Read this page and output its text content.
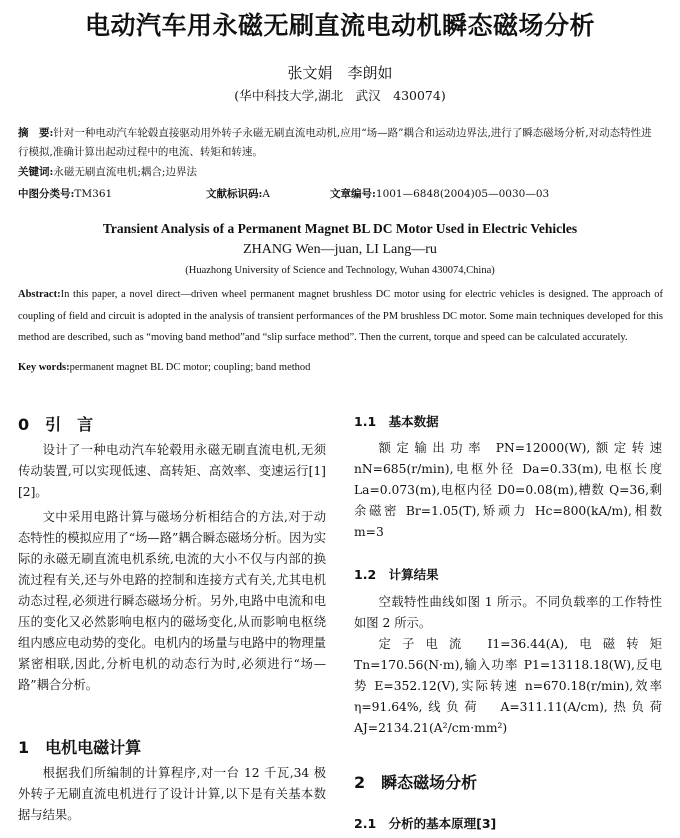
电动汽车用永磁无刷直流电动机瞬态磁场分析
张文娟　李朗如
(华中科技大学,湖北　武汉　430074)
摘　要:针对一种电动汽车轮毂直接驱动用外转子永磁无刷直流电动机,应用“场—路”耦合和运动边界法,进行了瞬态磁场分析,对动态特性进行模拟,准确计算出起动过程中的电流、转矩和转速。
关键词:永磁无刷直流电机;耦合;边界法
中图分类号:TM361	文献标识码:A	文章编号:1001—6848(2004)05—0030—03
Transient Analysis of a Permanent Magnet BL DC Motor Used in Electric Vehicles
ZHANG Wen—juan, LI Lang—ru
(Huazhong University of Science and Technology, Wuhan 430074,China)
Abstract:In this paper, a novel direct—driven wheel permanent magnet brushless DC motor using for electric vehicles is designed. The approach of coupling of field and circuit is adopted in the analysis of transient performances of the PM brushless DC motor. Some main techniques developed for this method are described, such as “moving band method”and “slip surface method”. Then the current, torque and speed can be calculated accurately.
Key words:permanent magnet BL DC motor; coupling; band method
0　引　言

设计了一种电动汽车轮毂用永磁无刷直流电机,无须传动装置,可以实现低速、高转矩、高效率、变速运行[1][2]。

文中采用电路计算与磁场分析相结合的方法,对于动态特性的模拟应用了“场—路”耦合瞬态磁场分析。因为实际的永磁无刷直流电机系统,电流的大小不仅与内部的换流过程有关,还与外电路的控制和连接方式有关,尤其电机动态过程,必须进行瞬态磁场分析。另外,电路中电流和电压的变化又必然影响电枢内的磁场变化,从而影响电枢绕组内感应电动势的变化。电机内的场量与电路中的物理量紧密相联,因此,分析电机的动态行为时,必须进行“场—路”耦合分析。

1　电机电磁计算

根据我们所编制的计算程序,对一台 12 千瓦,34 极外转子无刷直流电机进行了设计计算,以下是有关基本数据与结果。

1.1　基本数据

额定输出功率 PN=12000(W),额定转速 nN=685(r/min),电枢外径 Da=0.33(m),电枢长度 La=0.073(m),电枢内径 D0=0.08(m),槽数 Q=36,剩余磁密 Br=1.05(T),矫顽力 Hc=800(kA/m),相数 m=3

1.2　计算结果

空载特性曲线如图 1 所示。不同负载率的工作特性如图 2 所示。

定子电流 I1=36.44(A),电磁转矩 Tn=170.56(N·m),输入功率 P1=13118.18(W),反电势 E=352.12(V),实际转速 n=670.18(r/min),效率 η=91.64%,线负荷　A=311.11(A/cm),热负荷 AJ=2134.21(A²/cm·mm²)

2　瞬态磁场分析
2.1　分析的基本原理[3]
